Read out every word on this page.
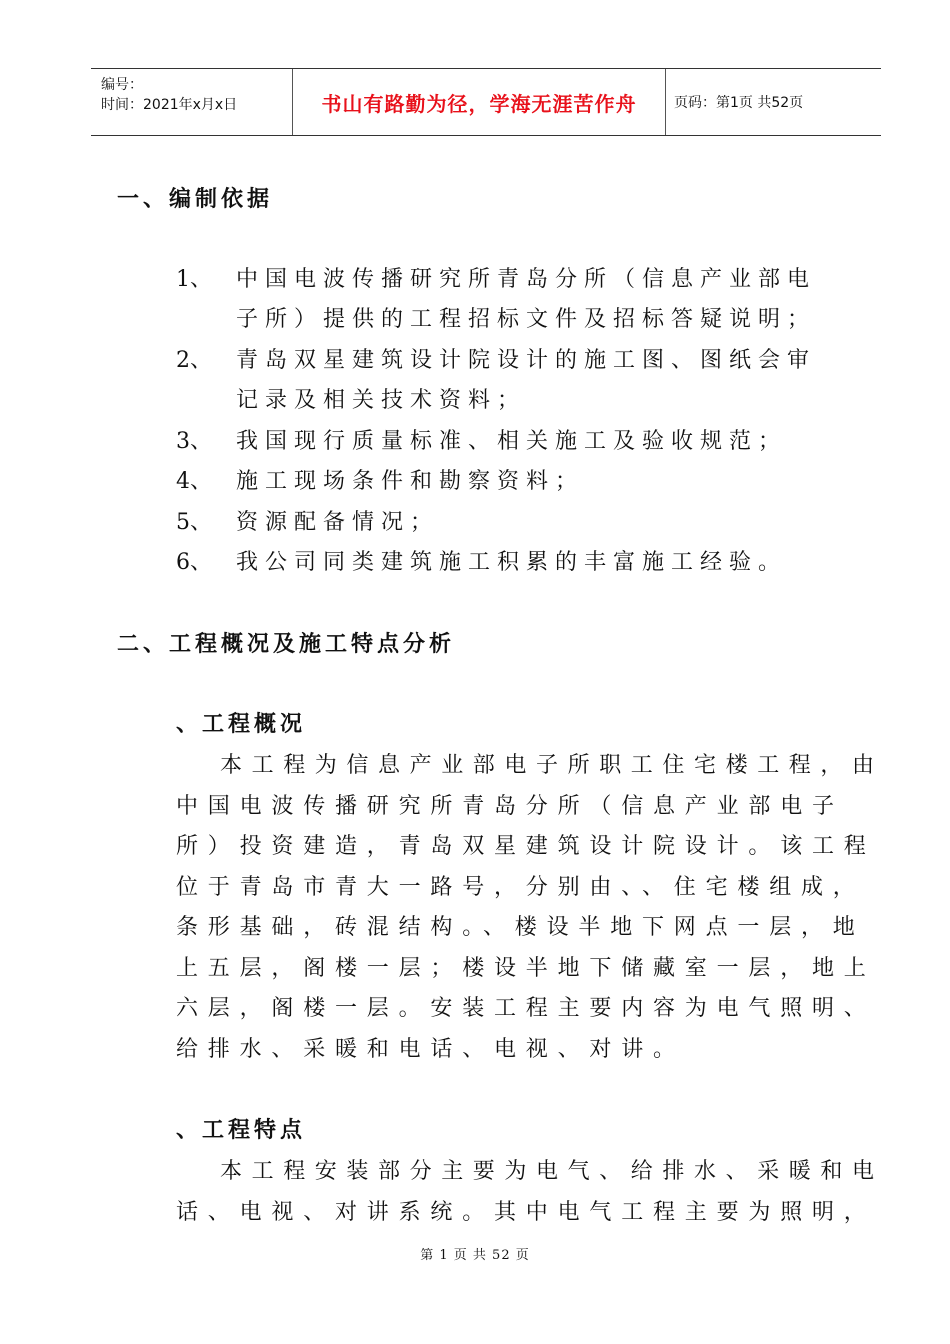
编号：
时间：2021年x月x日	书山有路勤为径，学海无涯苦作舟	页码：第1页 共52页
一、编制依据
1、 中国电波传播研究所青岛分所（信息产业部电
子所）提供的工程招标文件及招标答疑说明；
2、 青岛双星建筑设计院设计的施工图、图纸会审
记录及相关技术资料；
3、 我国现行质量标准、相关施工及验收规范；
4、 施工现场条件和勘察资料；
5、 资源配备情况；
6、 我公司同类建筑施工积累的丰富施工经验。
二、工程概况及施工特点分析
、工程概况
本工程为信息产业部电子所职工住宅楼工程，由
中国电波传播研究所青岛分所（信息产业部电子
所）投资建造，青岛双星建筑设计院设计。该工程
位于青岛市青大一路号，分别由、、住宅楼组成，
条形基础，砖混结构。、楼设半地下网点一层，地
上五层，阁楼一层；楼设半地下储藏室一层，地上
六层，阁楼一层。安装工程主要内容为电气照明、
给排水、采暖和电话、电视、对讲。
、工程特点
本工程安装部分主要为电气、给排水、采暖和电
话、电视、对讲系统。其中电气工程主要为照明，
第 1 页 共 52 页
